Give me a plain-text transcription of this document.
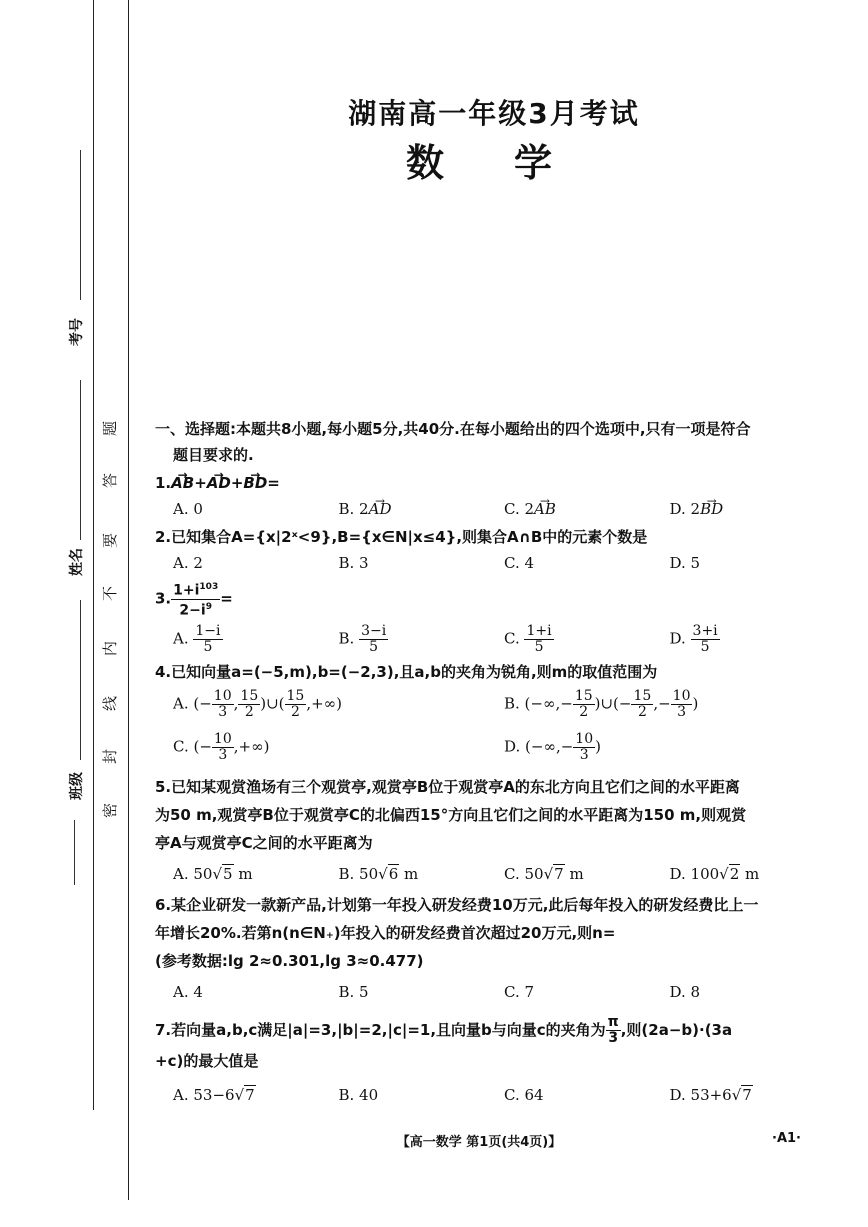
考号
姓名
班级
题
答
要
不
内
线
封
密
湖南高一年级3月考试
数学
一、选择题:本题共8小题,每小题5分,共40分.在每小题给出的四个选项中,只有一项是符合
题目要求的.
1.→ AB+→ AD+→ BD=
A. 0	B. 2→ AD	C. 2→ AB	D. 2→ BD
2.已知集合A={x|2ˣ<9},B={x∈N|x≤4},则集合A∩B中的元素个数是
A. 2	B. 3	C. 4	D. 5
3. $\frac{1+i^{103}}{2-i^9}$ =
A. $\frac{1-i}{5}$	B. $\frac{3-i}{5}$	C. $\frac{1+i}{5}$	D. $\frac{3+i}{5}$
4.已知向量a=(−5,m),b=(−2,3),且a,b的夹角为锐角,则m的取值范围为
A. (− $\frac{10}{3}$ , $\frac{15}{2}$ )∪( $\frac{15}{2}$ ,+∞)	B. (−∞,− $\frac{15}{2}$ )∪(− $\frac{15}{2}$ ,− $\frac{10}{3}$ )
C. (− $\frac{10}{3}$ ,+∞)	D. (−∞,− $\frac{10}{3}$ )
5.已知某观赏渔场有三个观赏亭,观赏亭B位于观赏亭A的东北方向且它们之间的水平距离
为50 m,观赏亭B位于观赏亭C的北偏西15°方向且它们之间的水平距离为150 m,则观赏
亭A与观赏亭C之间的水平距离为
A. 50√5 m	B. 50√6 m	C. 50√7 m	D. 100√2 m
6.某企业研发一款新产品,计划第一年投入研发经费10万元,此后每年投入的研发经费比上一
年增长20%.若第n(n∈N₊)年投入的研发经费首次超过20万元,则n=
(参考数据:lg 2≈0.301,lg 3≈0.477)
A. 4	B. 5	C. 7	D. 8
7.若向量a,b,c满足|a|=3,|b|=2,|c|=1,且向量b与向量c的夹角为 $\frac{\pi}{3}$ ,则(2a−b)·(3a
+c)的最大值是
A. 53−6√7	B. 40	C. 64	D. 53+6√7
【高一数学 第1页(共4页)】	·A1·
